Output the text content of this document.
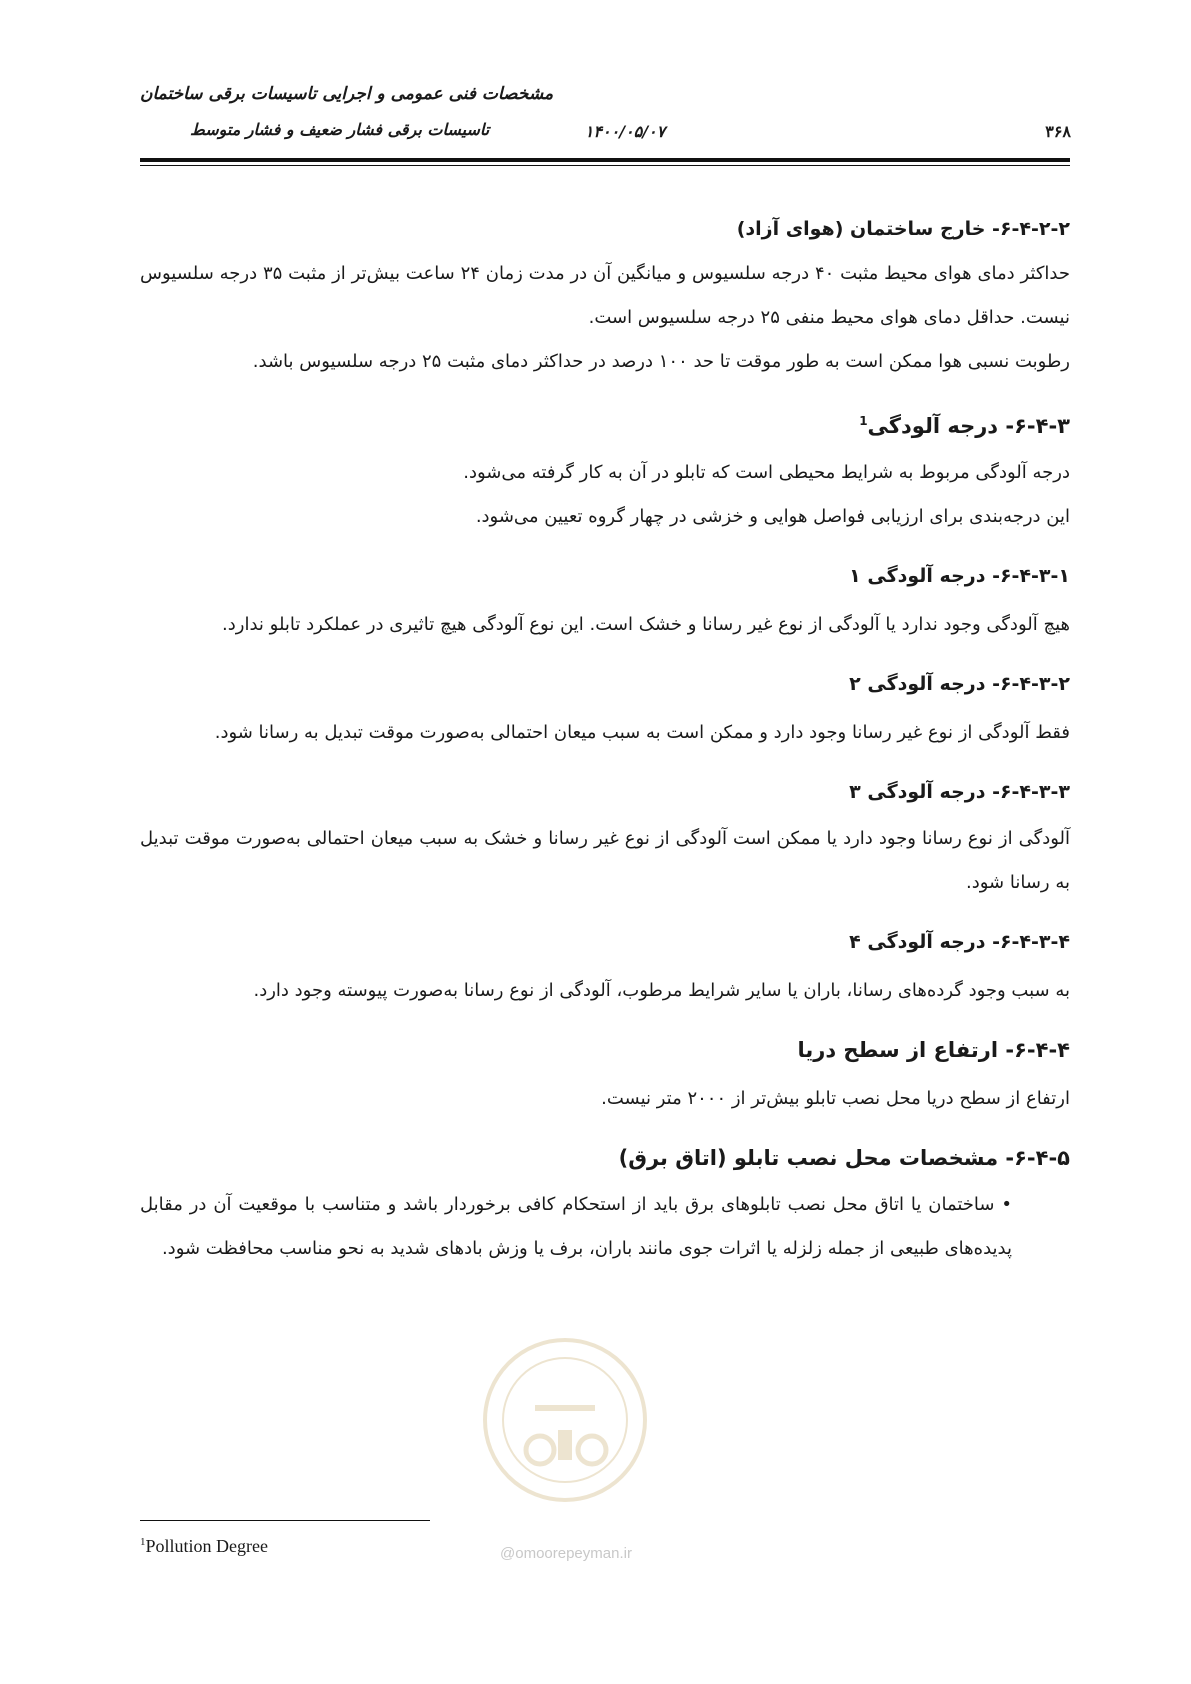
مشخصات فنی عمومی و اجرایی تاسیسات برقی ساختمان
تاسیسات برقی فشار ضعیف و فشار متوسط	۱۴۰۰/۰۵/۰۷	۳۶۸

۶-۴-۲-۲- خارج ساختمان (هوای آزاد)

حداکثر دمای هوای محیط مثبت ۴۰ درجه سلسیوس و میانگین آن در مدت زمان ۲۴ ساعت بیش‌تر از مثبت ۳۵ درجه سلسیوس نیست. حداقل دمای هوای محیط منفی ۲۵ درجه سلسیوس است.

رطوبت نسبی هوا ممکن است به طور موقت تا حد ۱۰۰ درصد در حداکثر دمای مثبت ۲۵ درجه سلسیوس باشد.

۶-۴-۳- درجه آلودگی$^1$

درجه آلودگی مربوط به شرایط محیطی است که تابلو در آن به کار گرفته می‌شود.

این درجه‌بندی برای ارزیابی فواصل هوایی و خزشی در چهار گروه تعیین می‌شود.

۶-۴-۳-۱- درجه آلودگی ۱

هیچ آلودگی وجود ندارد یا آلودگی از نوع غیر رسانا و خشک است. این نوع آلودگی هیچ تاثیری در عملکرد تابلو ندارد.

۶-۴-۳-۲- درجه آلودگی ۲

فقط آلودگی از نوع غیر رسانا وجود دارد و ممکن است به سبب میعان احتمالی به‌صورت موقت تبدیل به رسانا شود.

۶-۴-۳-۳- درجه آلودگی ۳

آلودگی از نوع رسانا وجود دارد یا ممکن است آلودگی از نوع غیر رسانا و خشک به سبب میعان احتمالی به‌صورت موقت تبدیل به رسانا شود.

۶-۴-۳-۴- درجه آلودگی ۴

به سبب وجود گرده‌های رسانا، باران یا سایر شرایط مرطوب، آلودگی از نوع رسانا به‌صورت پیوسته وجود دارد.

۶-۴-۴- ارتفاع از سطح دریا

ارتفاع از سطح دریا محل نصب تابلو بیش‌تر از ۲۰۰۰ متر نیست.

۶-۴-۵- مشخصات محل نصب تابلو (اتاق برق)

• ساختمان یا اتاق محل نصب تابلوهای برق باید از استحکام کافی برخوردار باشد و متناسب با موقعیت آن در مقابل پدیده‌های طبیعی از جمله زلزله یا اثرات جوی مانند باران، برف یا وزش بادهای شدید به نحو مناسب محافظت شود.

@omoorepeyman.ir
$^1$Pollution Degree
